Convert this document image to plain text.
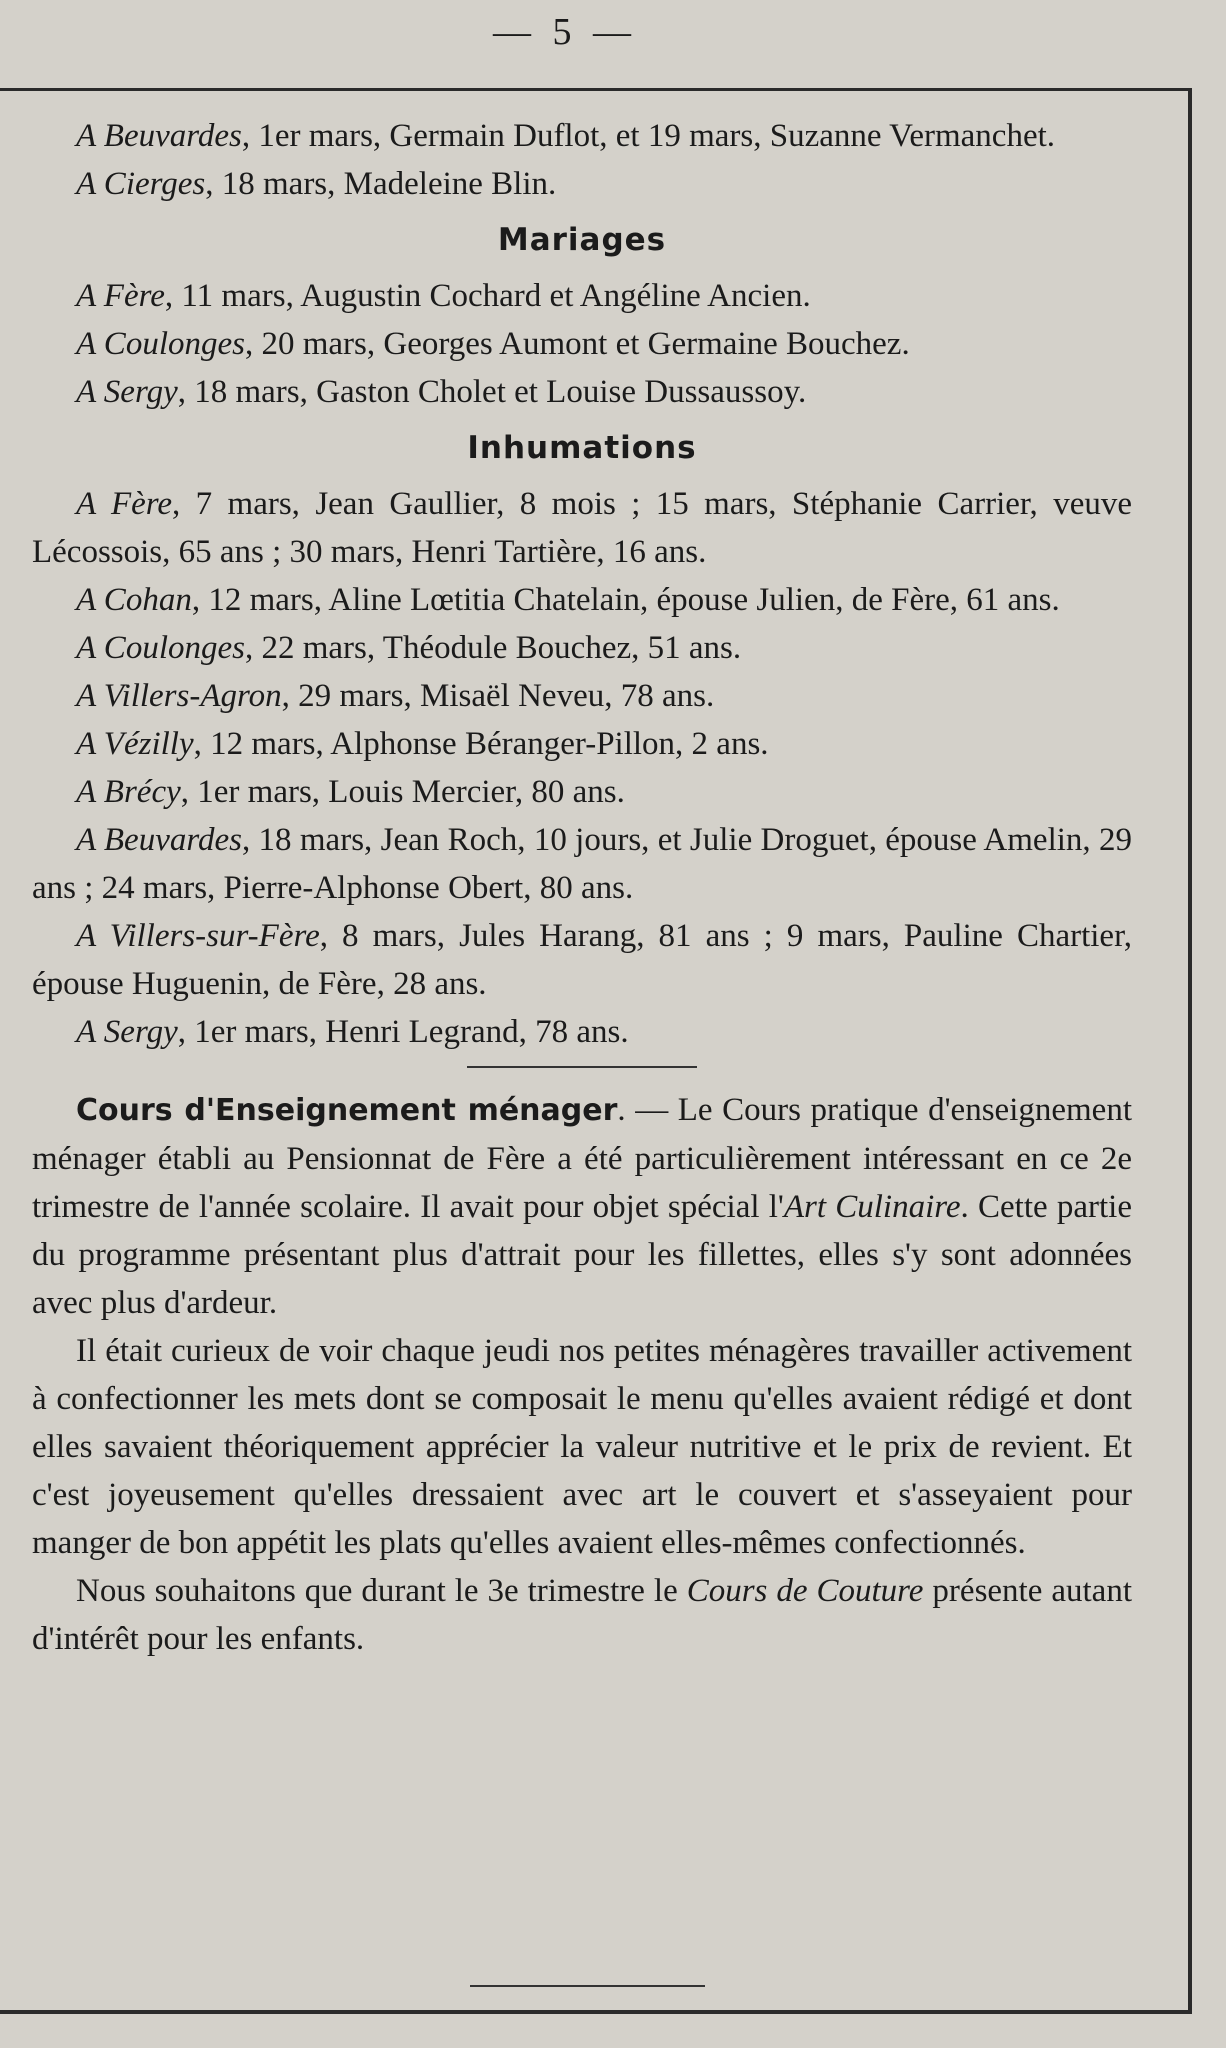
— 5 —

A Beuvardes, 1er mars, Germain Duflot, et 19 mars, Suzanne Vermanchet.

A Cierges, 18 mars, Madeleine Blin.

Mariages

A Fère, 11 mars, Augustin Cochard et Angéline Ancien.

A Coulonges, 20 mars, Georges Aumont et Germaine Bouchez.

A Sergy, 18 mars, Gaston Cholet et Louise Dussaussoy.

Inhumations

A Fère, 7 mars, Jean Gaullier, 8 mois ; 15 mars, Stéphanie Carrier, veuve Lécossois, 65 ans ; 30 mars, Henri Tartière, 16 ans.

A Cohan, 12 mars, Aline Lœtitia Chatelain, épouse Julien, de Fère, 61 ans.

A Coulonges, 22 mars, Théodule Bouchez, 51 ans.

A Villers-Agron, 29 mars, Misaël Neveu, 78 ans.

A Vézilly, 12 mars, Alphonse Béranger-Pillon, 2 ans.

A Brécy, 1er mars, Louis Mercier, 80 ans.

A Beuvardes, 18 mars, Jean Roch, 10 jours, et Julie Droguet, épouse Amelin, 29 ans ; 24 mars, Pierre-Alphonse Obert, 80 ans.

A Villers-sur-Fère, 8 mars, Jules Harang, 81 ans ; 9 mars, Pauline Chartier, épouse Huguenin, de Fère, 28 ans.

A Sergy, 1er mars, Henri Legrand, 78 ans.

Cours d'Enseignement ménager. — Le Cours pratique d'enseignement ménager établi au Pensionnat de Fère a été particulièrement intéressant en ce 2e trimestre de l'année scolaire. Il avait pour objet spécial l'Art Culinaire. Cette partie du programme présentant plus d'attrait pour les fillettes, elles s'y sont adonnées avec plus d'ardeur.

Il était curieux de voir chaque jeudi nos petites ménagères travailler activement à confectionner les mets dont se composait le menu qu'elles avaient rédigé et dont elles savaient théoriquement apprécier la valeur nutritive et le prix de revient. Et c'est joyeusement qu'elles dressaient avec art le couvert et s'asseyaient pour manger de bon appétit les plats qu'elles avaient elles-mêmes confectionnés.

Nous souhaitons que durant le 3e trimestre le Cours de Couture présente autant d'intérêt pour les enfants.
